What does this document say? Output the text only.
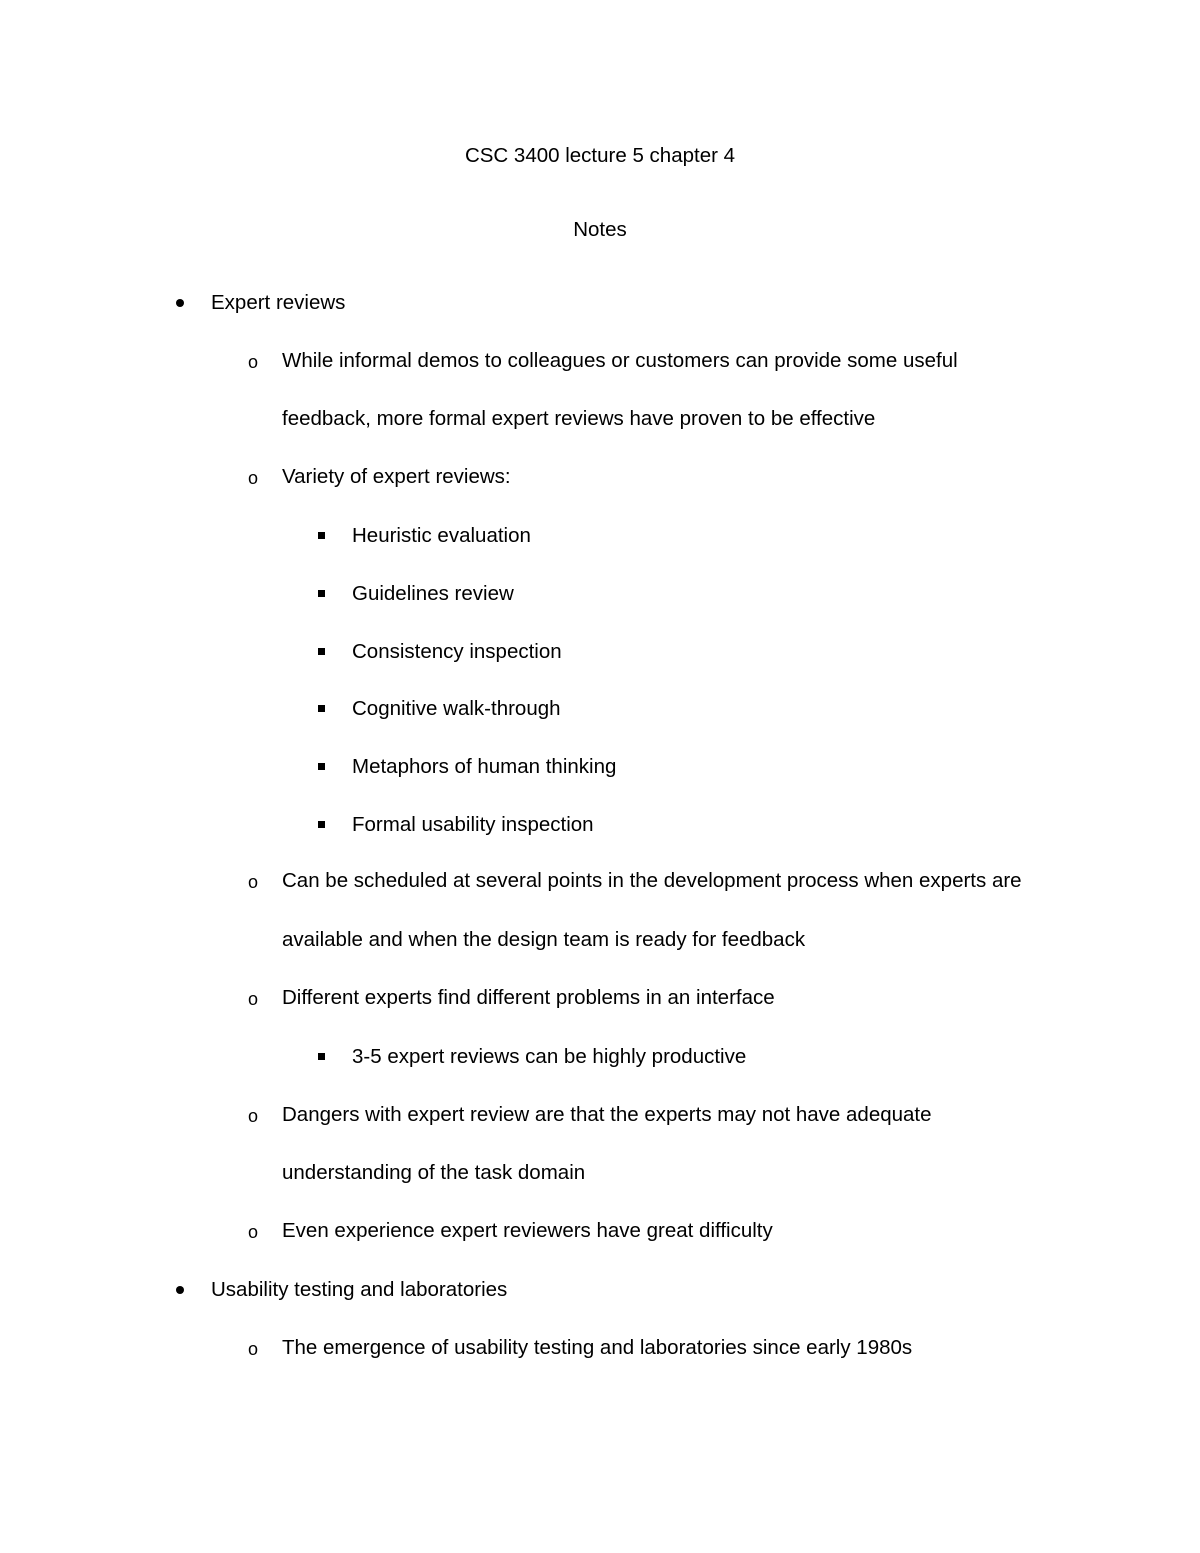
CSC 3400 lecture 5 chapter 4
Notes
Expert reviews
o While informal demos to colleagues or customers can provide some useful
feedback, more formal expert reviews have proven to be effective
o Variety of expert reviews:
Heuristic evaluation
Guidelines review
Consistency inspection
Cognitive walk-through
Metaphors of human thinking
Formal usability inspection
o Can be scheduled at several points in the development process when experts are
available and when the design team is ready for feedback
o Different experts find different problems in an interface
3-5 expert reviews can be highly productive
o Dangers with expert review are that the experts may not have adequate
understanding of the task domain
o Even experience expert reviewers have great difficulty
Usability testing and laboratories
o The emergence of usability testing and laboratories since early 1980s
